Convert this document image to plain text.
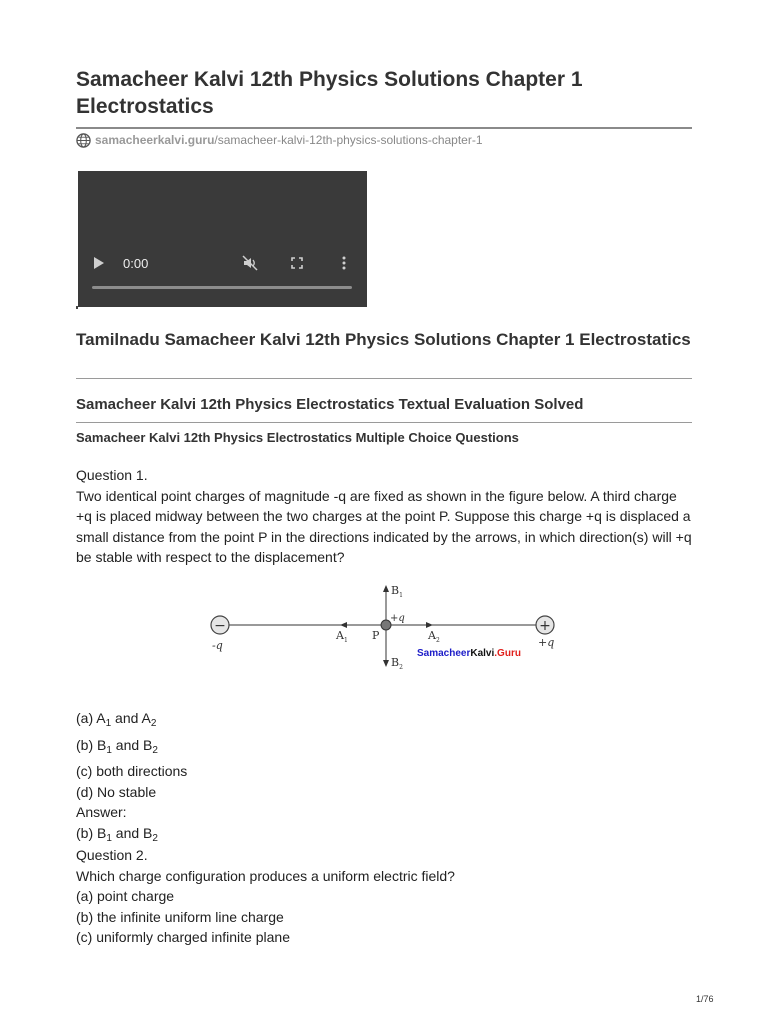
Samacheer Kalvi 12th Physics Solutions Chapter 1 Electrostatics
samacheerkalvi.guru /samacheer-kalvi-12th-physics-solutions-chapter-1
0:00
Tamilnadu Samacheer Kalvi 12th Physics Solutions Chapter 1 Electrostatics
Samacheer Kalvi 12th Physics Electrostatics Textual Evaluation Solved
Samacheer Kalvi 12th Physics Electrostatics Multiple Choice Questions
Question 1.
Two identical point charges of magnitude -q are fixed as shown in the figure below. A third charge +q is placed midway between the two charges at the point P. Suppose this charge +q is displaced a small distance from the point P in the directions indicated by the arrows, in which direction(s) will +q be stable with respect to the displacement?
−
-q
+
+q
+q
P
$A_1$	$A_2$
$B_1$
$B_2$
SamacheerKalvi.Guru
(a) $A_1$ and $A_2$
(b) $B_1$ and $B_2$
(c) both directions
(d) No stable
Answer:
(b) $B_1$ and $B_2$
Question 2.
Which charge configuration produces a uniform electric field?
(a) point charge
(b) the infinite uniform line charge
(c) uniformly charged infinite plane
1/76
